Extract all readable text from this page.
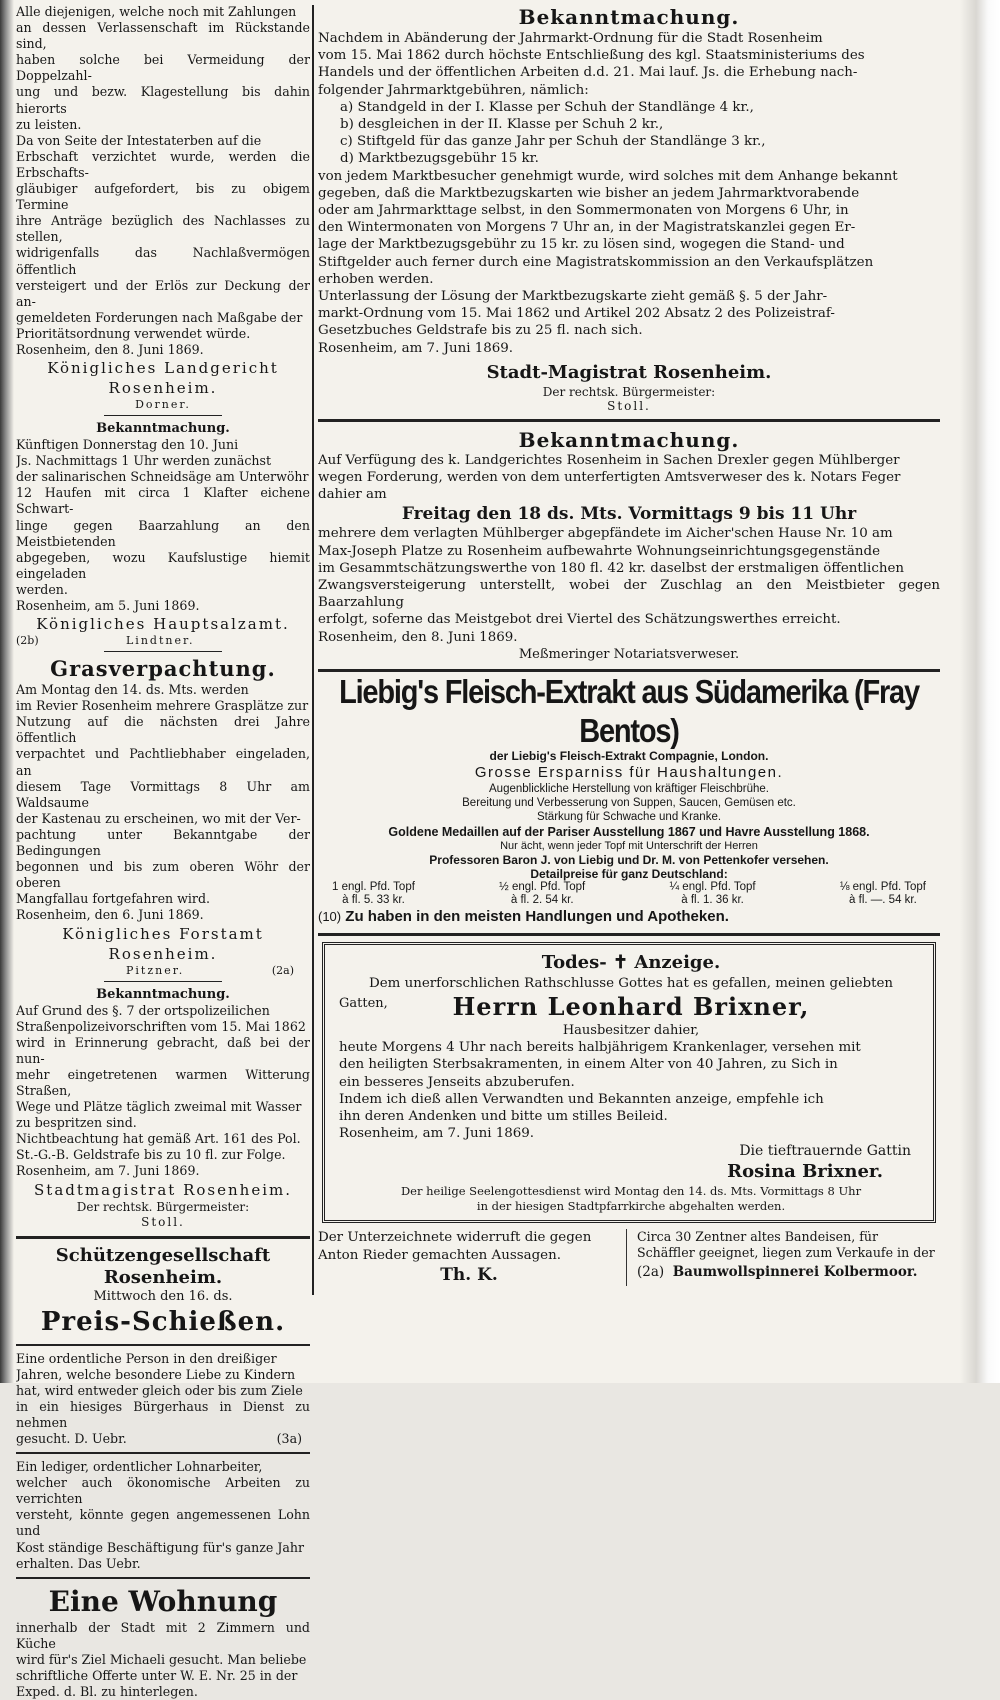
Alle diejenigen, welche noch mit Zahlungen
an dessen Verlassenschaft im Rückstande sind,
haben solche bei Vermeidung der Doppelzahl-
ung und bezw. Klagestellung bis dahin hierorts
zu leisten.
Da von Seite der Intestaterben auf die
Erbschaft verzichtet wurde, werden die Erbschafts-
gläubiger aufgefordert, bis zu obigem Termine
ihre Anträge bezüglich des Nachlasses zu stellen,
widrigenfalls das Nachlaßvermögen öffentlich
versteigert und der Erlös zur Deckung der an-
gemeldeten Forderungen nach Maßgabe der
Prioritätsordnung verwendet würde.
Rosenheim, den 8. Juni 1869.

Königliches Landgericht Rosenheim.

Dorner.

Bekanntmachung.

Künftigen Donnerstag den 10. Juni
Js. Nachmittags 1 Uhr werden zunächst
der salinarischen Schneidsäge am Unterwöhr
12 Haufen mit circa 1 Klafter eichene Schwart-
linge gegen Baarzahlung an den Meistbietenden
abgegeben, wozu Kaufslustige hiemit eingeladen
werden.
Rosenheim, am 5. Juni 1869.

Königliches Hauptsalzamt.

(2b)	Lindtner.

Grasverpachtung.

Am Montag den 14. ds. Mts. werden
im Revier Rosenheim mehrere Grasplätze zur
Nutzung auf die nächsten drei Jahre öffentlich
verpachtet und Pachtliebhaber eingeladen, an
diesem Tage Vormittags 8 Uhr am Waldsaume
der Kastenau zu erscheinen, wo mit der Ver-
pachtung unter Bekanntgabe der Bedingungen
begonnen und bis zum oberen Wöhr der oberen
Mangfallau fortgefahren wird.
Rosenheim, den 6. Juni 1869.

Königliches Forstamt Rosenheim.

Pitzner.	(2a)

Bekanntmachung.

Auf Grund des §. 7 der ortspolizeilichen
Straßenpolizeivorschriften vom 15. Mai 1862
wird in Erinnerung gebracht, daß bei der nun-
mehr eingetretenen warmen Witterung Straßen,
Wege und Plätze täglich zweimal mit Wasser
zu bespritzen sind.
Nichtbeachtung hat gemäß Art. 161 des Pol.
St.-G.-B. Geldstrafe bis zu 10 fl. zur Folge.
Rosenheim, am 7. Juni 1869.

Stadtmagistrat Rosenheim.

Der rechtsk. Bürgermeister:

Stoll.

Schützengesellschaft Rosenheim.

Mittwoch den 16. ds.

Preis-Schießen.

Eine ordentliche Person in den dreißiger
Jahren, welche besondere Liebe zu Kindern
hat, wird entweder gleich oder bis zum Ziele
in ein hiesiges Bürgerhaus in Dienst zu nehmen
gesucht. D. Uebr.	(3a)

Ein lediger, ordentlicher Lohnarbeiter,
welcher auch ökonomische Arbeiten zu verrichten
versteht, könnte gegen angemessenen Lohn und
Kost ständige Beschäftigung für's ganze Jahr
erhalten. Das Uebr.

Eine Wohnung

innerhalb der Stadt mit 2 Zimmern und Küche
wird für's Ziel Michaeli gesucht. Man beliebe
schriftliche Offerte unter W. E. Nr. 25 in der
Exped. d. Bl. zu hinterlegen.

Bekanntmachung.

Nachdem in Abänderung der Jahrmarkt-Ordnung für die Stadt Rosenheim
vom 15. Mai 1862 durch höchste Entschließung des kgl. Staatsministeriums des
Handels und der öffentlichen Arbeiten d.d. 21. Mai lauf. Js. die Erhebung nach-
folgender Jahrmarktgebühren, nämlich:
a) Standgeld in der I. Klasse per Schuh der Standlänge 4 kr.,
b) desgleichen in der II. Klasse per Schuh 2 kr.,
c) Stiftgeld für das ganze Jahr per Schuh der Standlänge 3 kr.,
d) Marktbezugsgebühr 15 kr.
von jedem Marktbesucher genehmigt wurde, wird solches mit dem Anhange bekannt
gegeben, daß die Marktbezugskarten wie bisher an jedem Jahrmarktvorabende
oder am Jahrmarkttage selbst, in den Sommermonaten von Morgens 6 Uhr, in
den Wintermonaten von Morgens 7 Uhr an, in der Magistratskanzlei gegen Er-
lage der Marktbezugsgebühr zu 15 kr. zu lösen sind, wogegen die Stand- und
Stiftgelder auch ferner durch eine Magistratskommission an den Verkaufsplätzen
erhoben werden.
Unterlassung der Lösung der Marktbezugskarte zieht gemäß §. 5 der Jahr-
markt-Ordnung vom 15. Mai 1862 und Artikel 202 Absatz 2 des Polizeistraf-
Gesetzbuches Geldstrafe bis zu 25 fl. nach sich.
Rosenheim, am 7. Juni 1869.

Stadt-Magistrat Rosenheim.

Der rechtsk. Bürgermeister:

Stoll.

Bekanntmachung.

Auf Verfügung des k. Landgerichtes Rosenheim in Sachen Drexler gegen Mühlberger
wegen Forderung, werden von dem unterfertigten Amtsverweser des k. Notars Feger
dahier am

Freitag den 18 ds. Mts. Vormittags 9 bis 11 Uhr

mehrere dem verlagten Mühlberger abgepfändete im Aicher'schen Hause Nr. 10 am
Max-Joseph Platze zu Rosenheim aufbewahrte Wohnungseinrichtungsgegenstände
im Gesammtschätzungswerthe von 180 fl. 42 kr. daselbst der erstmaligen öffentlichen
Zwangsversteigerung unterstellt, wobei der Zuschlag an den Meistbieter gegen Baarzahlung
erfolgt, soferne das Meistgebot drei Viertel des Schätzungswerthes erreicht.
Rosenheim, den 8. Juni 1869.

Meßmeringer Notariatsverweser.

Liebig's Fleisch-Extrakt aus Südamerika (Fray Bentos)

der Liebig's Fleisch-Extrakt Compagnie, London.

Grosse Ersparniss für Haushaltungen.

Augenblickliche Herstellung von kräftiger Fleischbrühe.
Bereitung und Verbesserung von Suppen, Saucen, Gemüsen etc.
Stärkung für Schwache und Kranke.

Goldene Medaillen auf der Pariser Ausstellung 1867 und Havre Ausstellung 1868.

Nur ächt, wenn jeder Topf mit Unterschrift der Herren

Professoren Baron J. von Liebig und Dr. M. von Pettenkofer versehen.

Detailpreise für ganz Deutschland:

1 engl. Pfd. Topf
à fl. 5. 33 kr.
½ engl. Pfd. Topf
à fl. 2. 54 kr.
¼ engl. Pfd. Topf
à fl. 1. 36 kr.
⅛ engl. Pfd. Topf
à fl. —. 54 kr.

(10) Zu haben in den meisten Handlungen und Apotheken.

Todes- ✝ Anzeige.

Dem unerforschlichen Rathschlusse Gottes hat es gefallen, meinen geliebten

Gatten,	Herrn Leonhard Brixner,

Hausbesitzer dahier,

heute Morgens 4 Uhr nach bereits halbjährigem Krankenlager, versehen mit
den heiligten Sterbsakramenten, in einem Alter von 40 Jahren, zu Sich in
ein besseres Jenseits abzuberufen.
Indem ich dieß allen Verwandten und Bekannten anzeige, empfehle ich
ihn deren Andenken und bitte um stilles Beileid.
Rosenheim, am 7. Juni 1869.

Die tieftrauernde Gattin

Rosina Brixner.

Der heilige Seelengottesdienst wird Montag den 14. ds. Mts. Vormittags 8 Uhr
in der hiesigen Stadtpfarrkirche abgehalten werden.

Der Unterzeichnete widerruft die gegen

Anton Rieder gemachten Aussagen.

Th. K.

Circa 30 Zentner altes Bandeisen, für

Schäffler geeignet, liegen zum Verkaufe in der

(2a) Baumwollspinnerei Kolbermoor.
